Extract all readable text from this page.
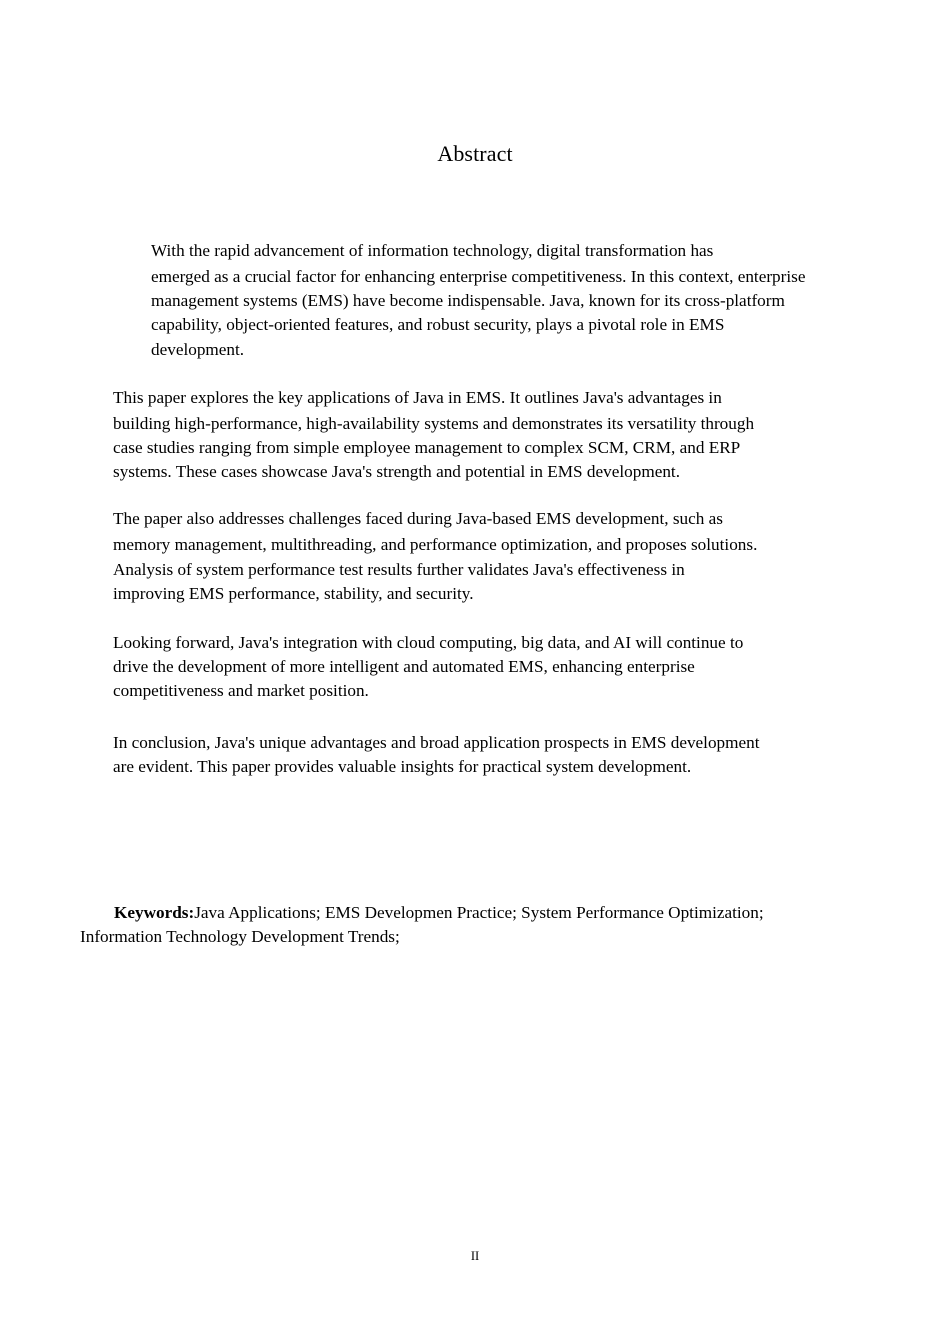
Abstract

With the rapid advancement of information technology, digital transformation has
emerged as a crucial factor for enhancing enterprise competitiveness. In this context, enterprise
management systems (EMS) have become indispensable. Java, known for its cross-platform
capability, object-oriented features, and robust security, plays a pivotal role in EMS
development.

This paper explores the key applications of Java in EMS. It outlines Java's advantages in
building high-performance, high-availability systems and demonstrates its versatility through
case studies ranging from simple employee management to complex SCM, CRM, and ERP
systems. These cases showcase Java's strength and potential in EMS development.

The paper also addresses challenges faced during Java-based EMS development, such as
memory management, multithreading, and performance optimization, and proposes solutions.
Analysis of system performance test results further validates Java's effectiveness in
improving EMS performance, stability, and security.

Looking forward, Java's integration with cloud computing, big data, and AI will continue to
drive the development of more intelligent and automated EMS, enhancing enterprise
competitiveness and market position.

In conclusion, Java's unique advantages and broad application prospects in EMS development
are evident. This paper provides valuable insights for practical system development.

Keywords:Java Applications; EMS Developmen Practice; System Performance Optimization; Information Technology Development Trends;

II
